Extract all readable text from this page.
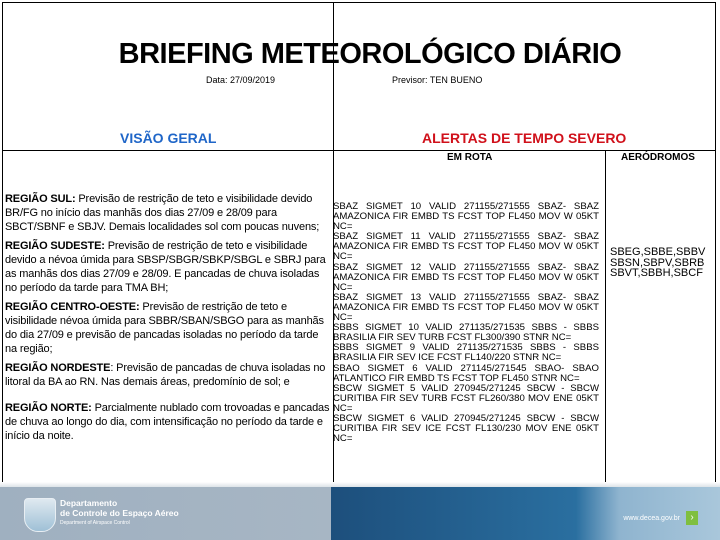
BRIEFING METEOROLÓGICO DIÁRIO
Data: 27/09/2019	Previsor: TEN BUENO
VISÃO GERAL	ALERTAS DE TEMPO SEVERO
EM ROTA	AERÓDROMOS

REGIÃO SUL: Previsão de restrição de teto e visibilidade devido BR/FG no início das manhãs dos dias 27/09 e 28/09 para SBCT/SBNF e SBJV. Demais localidades sol com poucas nuvens;

REGIÃO SUDESTE: Previsão de restrição de teto e visibilidade devido a névoa úmida para SBSP/SBGR/SBKP/SBGL e SBRJ para as manhãs dos dias 27/09 e 28/09. E pancadas de chuva isoladas no período da tarde para TMA BH;

REGIÃO CENTRO-OESTE: Previsão de restrição de teto e visibilidade névoa úmida para SBBR/SBAN/SBGO para as manhãs do dia 27/09 e previsão de pancadas isoladas no período da tarde na região;

REGIÃO NORDESTE: Previsão de pancadas de chuva isoladas no litoral da BA ao RN. Nas demais áreas, predomínio de sol; e

REGIÃO NORTE: Parcialmente nublado com trovoadas e pancadas de chuva ao longo do dia, com intensificação no período da tarde e início da noite.

SBAZ SIGMET 10 VALID 271155/271555 SBAZ- SBAZ AMAZONICA FIR EMBD TS FCST TOP FL450 MOV W 05KT NC=
SBAZ SIGMET 11 VALID 271155/271555 SBAZ- SBAZ AMAZONICA FIR EMBD TS FCST TOP FL450 MOV W 05KT NC=
SBAZ SIGMET 12 VALID 271155/271555 SBAZ- SBAZ AMAZONICA FIR EMBD TS FCST TOP FL450 MOV W 05KT NC=
SBAZ SIGMET 13 VALID 271155/271555 SBAZ- SBAZ AMAZONICA FIR EMBD TS FCST TOP FL450 MOV W 05KT NC=
SBBS SIGMET 10 VALID 271135/271535 SBBS - SBBS BRASILIA FIR SEV TURB FCST FL300/390 STNR NC=
SBBS SIGMET 9 VALID 271135/271535 SBBS - SBBS BRASILIA FIR SEV ICE FCST FL140/220 STNR NC=
SBAO SIGMET 6 VALID 271145/271545 SBAO- SBAO ATLANTICO FIR EMBD TS FCST TOP FL450 STNR NC=
SBCW SIGMET 5 VALID 270945/271245 SBCW - SBCW CURITIBA FIR SEV TURB FCST FL260/380 MOV ENE 05KT NC=
SBCW SIGMET 6 VALID 270945/271245 SBCW - SBCW CURITIBA FIR SEV ICE FCST FL130/230 MOV ENE 05KT NC=
SBEG,SBBE,SBBV
SBSN,SBPV,SBRB
SBVT,SBBH,SBCF
Departamento
de Controle do Espaço Aéreo
Department of Airspace Control
www.decea.gov.br	›
